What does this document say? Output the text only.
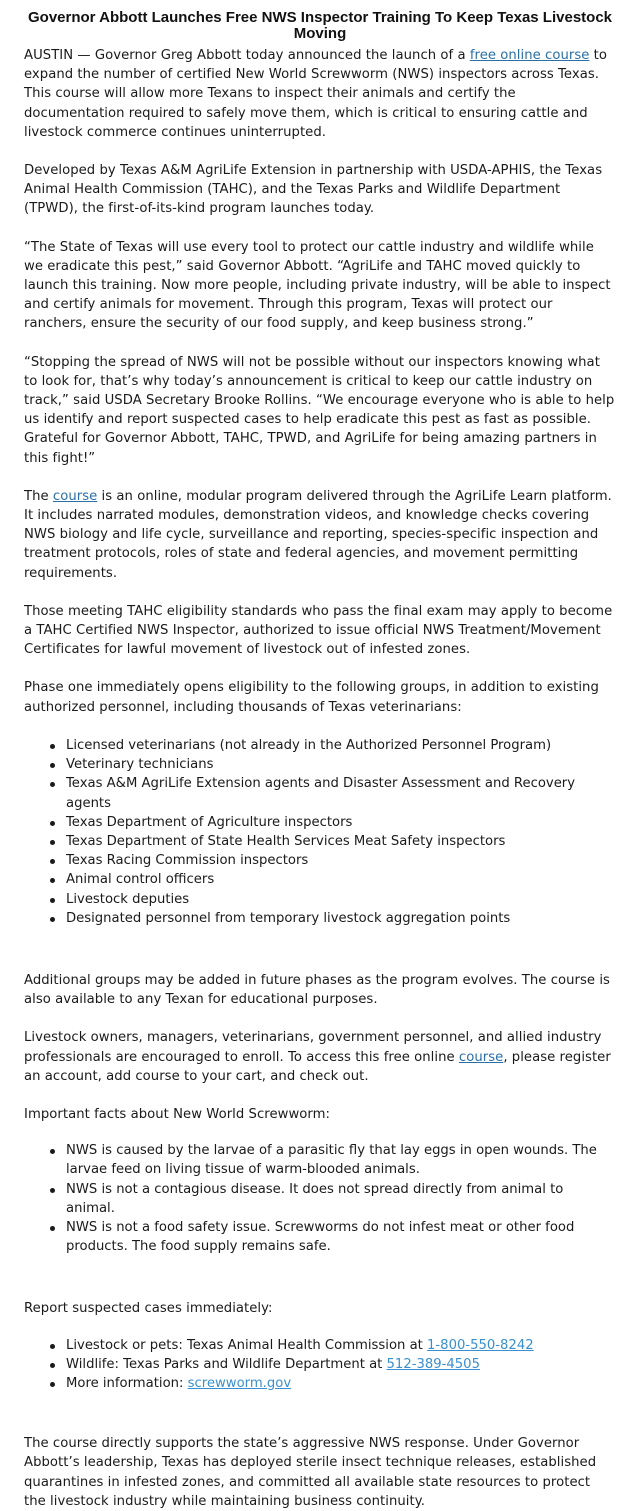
Governor Abbott Launches Free NWS Inspector Training To Keep Texas Livestock Moving

AUSTIN — Governor Greg Abbott today announced the launch of a free online course to expand the number of certified New World Screwworm (NWS) inspectors across Texas. This course will allow more Texans to inspect their animals and certify the documentation required to safely move them, which is critical to ensuring cattle and livestock commerce continues uninterrupted.

Developed by Texas A&M AgriLife Extension in partnership with USDA-APHIS, the Texas Animal Health Commission (TAHC), and the Texas Parks and Wildlife Department (TPWD), the first-of-its-kind program launches today.

“The State of Texas will use every tool to protect our cattle industry and wildlife while we eradicate this pest,” said Governor Abbott. “AgriLife and TAHC moved quickly to launch this training. Now more people, including private industry, will be able to inspect and certify animals for movement. Through this program, Texas will protect our ranchers, ensure the security of our food supply, and keep business strong.”

“Stopping the spread of NWS will not be possible without our inspectors knowing what to look for, that’s why today’s announcement is critical to keep our cattle industry on track,” said USDA Secretary Brooke Rollins. “We encourage everyone who is able to help us identify and report suspected cases to help eradicate this pest as fast as possible. Grateful for Governor Abbott, TAHC, TPWD, and AgriLife for being amazing partners in this fight!”

The course is an online, modular program delivered through the AgriLife Learn platform. It includes narrated modules, demonstration videos, and knowledge checks covering NWS biology and life cycle, surveillance and reporting, species-specific inspection and treatment protocols, roles of state and federal agencies, and movement permitting requirements.

Those meeting TAHC eligibility standards who pass the final exam may apply to become a TAHC Certified NWS Inspector, authorized to issue official NWS Treatment/Movement Certificates for lawful movement of livestock out of infested zones.

Phase one immediately opens eligibility to the following groups, in addition to existing authorized personnel, including thousands of Texas veterinarians:

Licensed veterinarians (not already in the Authorized Personnel Program)
Veterinary technicians
Texas A&M AgriLife Extension agents and Disaster Assessment and Recovery agents
Texas Department of Agriculture inspectors
Texas Department of State Health Services Meat Safety inspectors
Texas Racing Commission inspectors
Animal control officers
Livestock deputies
Designated personnel from temporary livestock aggregation points

Additional groups may be added in future phases as the program evolves. The course is also available to any Texan for educational purposes.

Livestock owners, managers, veterinarians, government personnel, and allied industry professionals are encouraged to enroll. To access this free online course, please register an account, add course to your cart, and check out.

Important facts about New World Screwworm:

NWS is caused by the larvae of a parasitic fly that lay eggs in open wounds. The larvae feed on living tissue of warm-blooded animals.
NWS is not a contagious disease. It does not spread directly from animal to animal.
NWS is not a food safety issue. Screwworms do not infest meat or other food products. The food supply remains safe.

Report suspected cases immediately:

Livestock or pets: Texas Animal Health Commission at 1-800-550-8242
Wildlife: Texas Parks and Wildlife Department at 512-389-4505
More information: screwworm.gov

The course directly supports the state’s aggressive NWS response. Under Governor Abbott’s leadership, Texas has deployed sterile insect technique releases, established quarantines in infested zones, and committed all available state resources to protect the livestock industry while maintaining business continuity.
